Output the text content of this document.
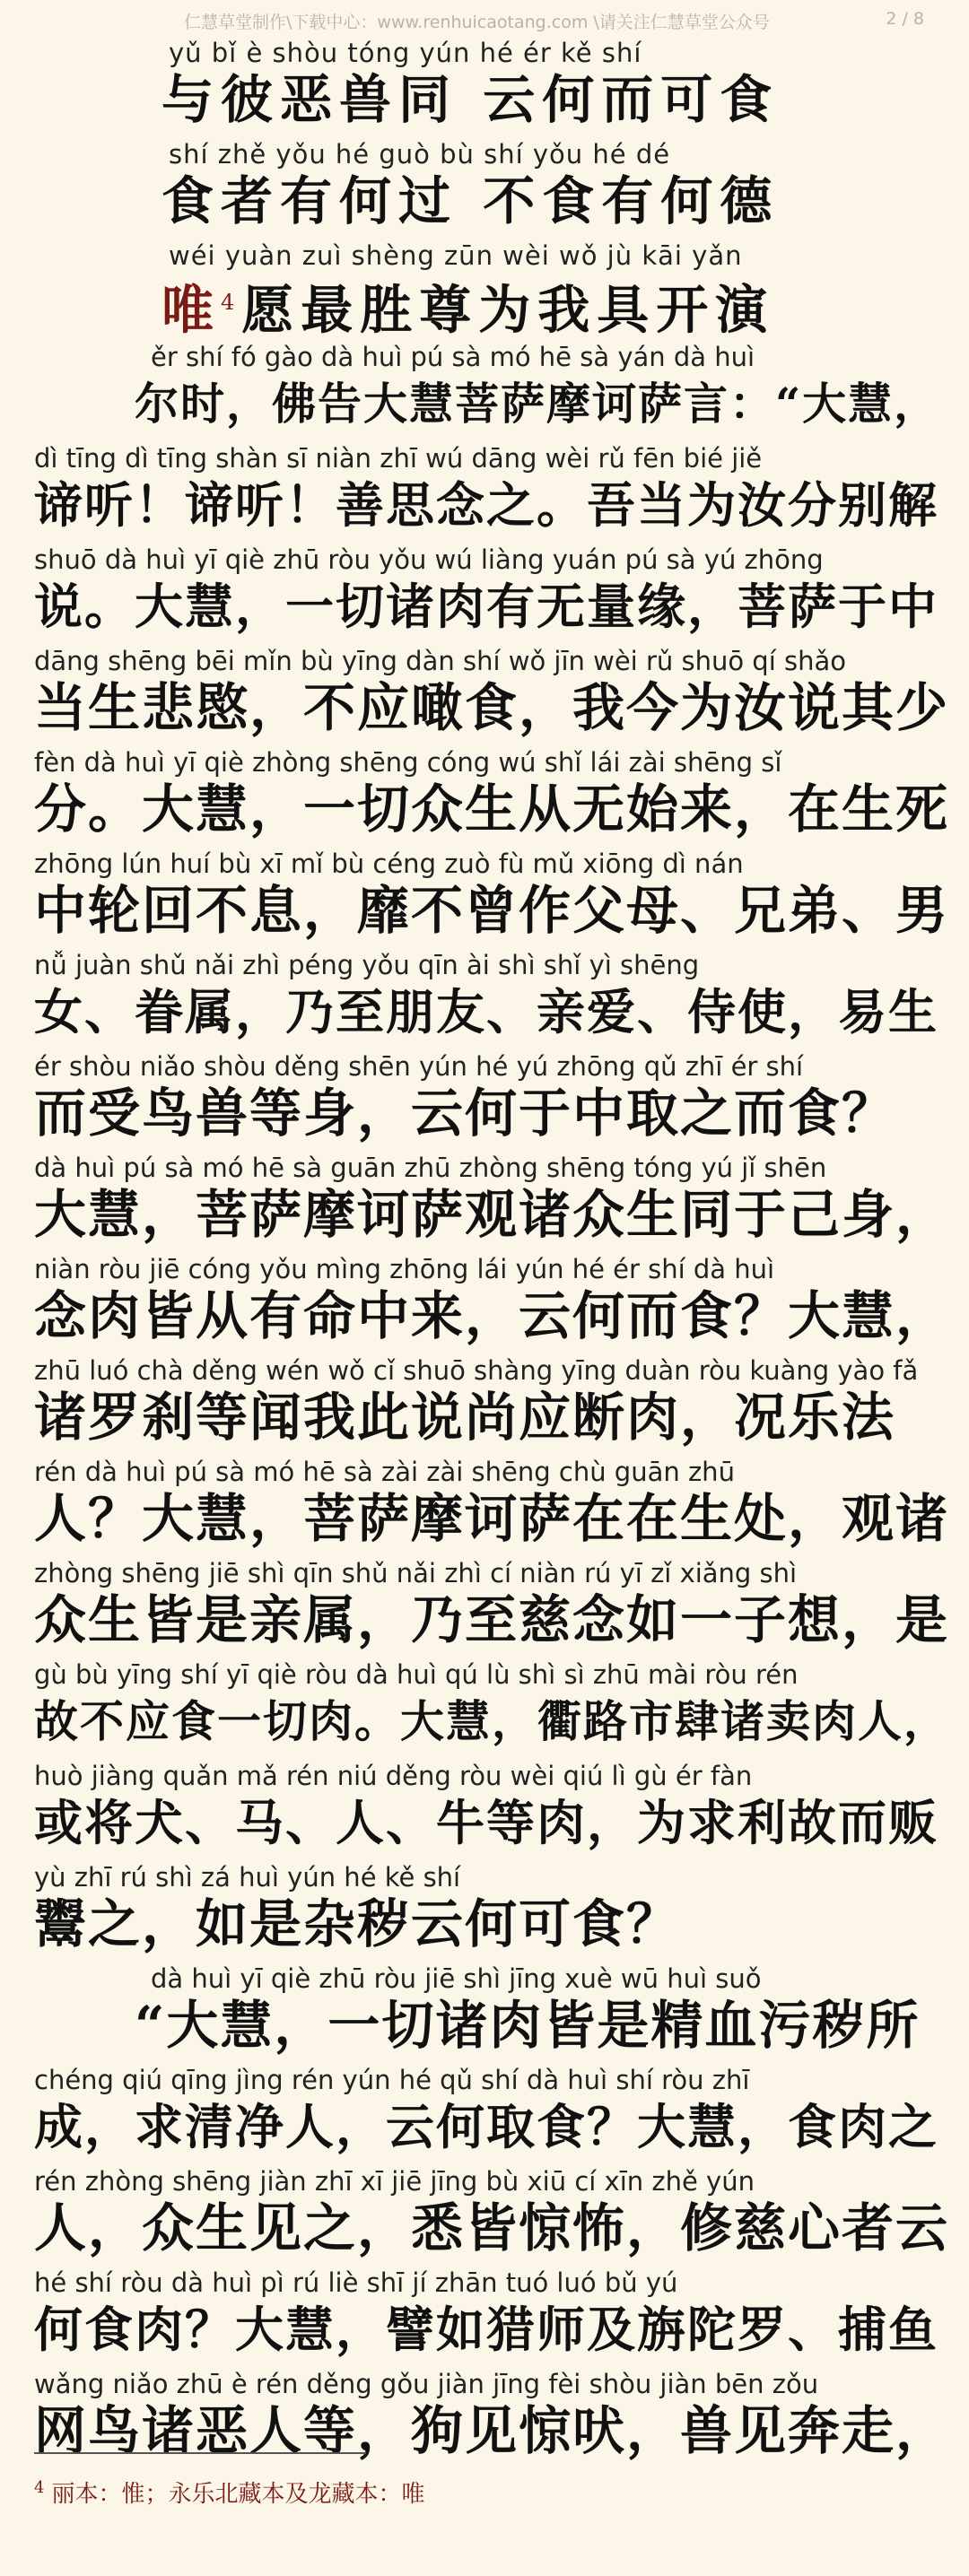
仁慧草堂制作\下载中心：www.renhuicaotang.com \请关注仁慧草堂公众号	2 / 8
yǔ bǐ è shòu tóng yún hé ér kě shí
与彼恶兽同 云何而可食
shí zhě yǒu hé guò bù shí yǒu hé dé
食者有何过 不食有何德
wéi yuàn zuì shèng zūn wèi wǒ jù kāi yǎn
唯$^4$愿最胜尊为我具开演
ěr shí fó gào dà huì pú sà mó hē sà yán dà huì
尔时，佛告大慧菩萨摩诃萨言：“大慧，
dì tīng dì tīng shàn sī niàn zhī wú dāng wèi rǔ fēn bié jiě
谛听！谛听！善思念之。吾当为汝分别解
shuō dà huì yī qiè zhū ròu yǒu wú liàng yuán pú sà yú zhōng
说。大慧，一切诸肉有无量缘，菩萨于中
dāng shēng bēi mǐn bù yīng dàn shí wǒ jīn wèi rǔ shuō qí shǎo
当生悲愍，不应噉食，我今为汝说其少
fèn dà huì yī qiè zhòng shēng cóng wú shǐ lái zài shēng sǐ
分。大慧，一切众生从无始来，在生死
zhōng lún huí bù xī mǐ bù céng zuò fù mǔ xiōng dì nán
中轮回不息，靡不曾作父母、兄弟、男
nǚ juàn shǔ nǎi zhì péng yǒu qīn ài shì shǐ yì shēng
女、眷属，乃至朋友、亲爱、侍使，易生
ér shòu niǎo shòu děng shēn yún hé yú zhōng qǔ zhī ér shí
而受鸟兽等身，云何于中取之而食？
dà huì pú sà mó hē sà guān zhū zhòng shēng tóng yú jǐ shēn
大慧，菩萨摩诃萨观诸众生同于己身，
niàn ròu jiē cóng yǒu mìng zhōng lái yún hé ér shí dà huì
念肉皆从有命中来，云何而食？大慧，
zhū luó chà děng wén wǒ cǐ shuō shàng yīng duàn ròu kuàng yào fǎ
诸罗刹等闻我此说尚应断肉，况乐法
rén dà huì pú sà mó hē sà zài zài shēng chù guān zhū
人？大慧，菩萨摩诃萨在在生处，观诸
zhòng shēng jiē shì qīn shǔ nǎi zhì cí niàn rú yī zǐ xiǎng shì
众生皆是亲属，乃至慈念如一子想，是
gù bù yīng shí yī qiè ròu dà huì qú lù shì sì zhū mài ròu rén
故不应食一切肉。大慧，衢路市肆诸卖肉人，
huò jiàng quǎn mǎ rén niú děng ròu wèi qiú lì gù ér fàn
或将犬、马、人、牛等肉，为求利故而贩
yù zhī rú shì zá huì yún hé kě shí
鬻之，如是杂秽云何可食？
dà huì yī qiè zhū ròu jiē shì jīng xuè wū huì suǒ
“大慧，一切诸肉皆是精血污秽所
chéng qiú qīng jìng rén yún hé qǔ shí dà huì shí ròu zhī
成，求清净人，云何取食？大慧，食肉之
rén zhòng shēng jiàn zhī xī jiē jīng bù xiū cí xīn zhě yún
人，众生见之，悉皆惊怖，修慈心者云
hé shí ròu dà huì pì rú liè shī jí zhān tuó luó bǔ yú
何食肉？大慧，譬如猎师及旃陀罗、捕鱼
wǎng niǎo zhū è rén děng gǒu jiàn jīng fèi shòu jiàn bēn zǒu
网鸟诸恶人等，狗见惊吠，兽见奔走，
$^4$ 丽本：惟；永乐北藏本及龙藏本：唯
